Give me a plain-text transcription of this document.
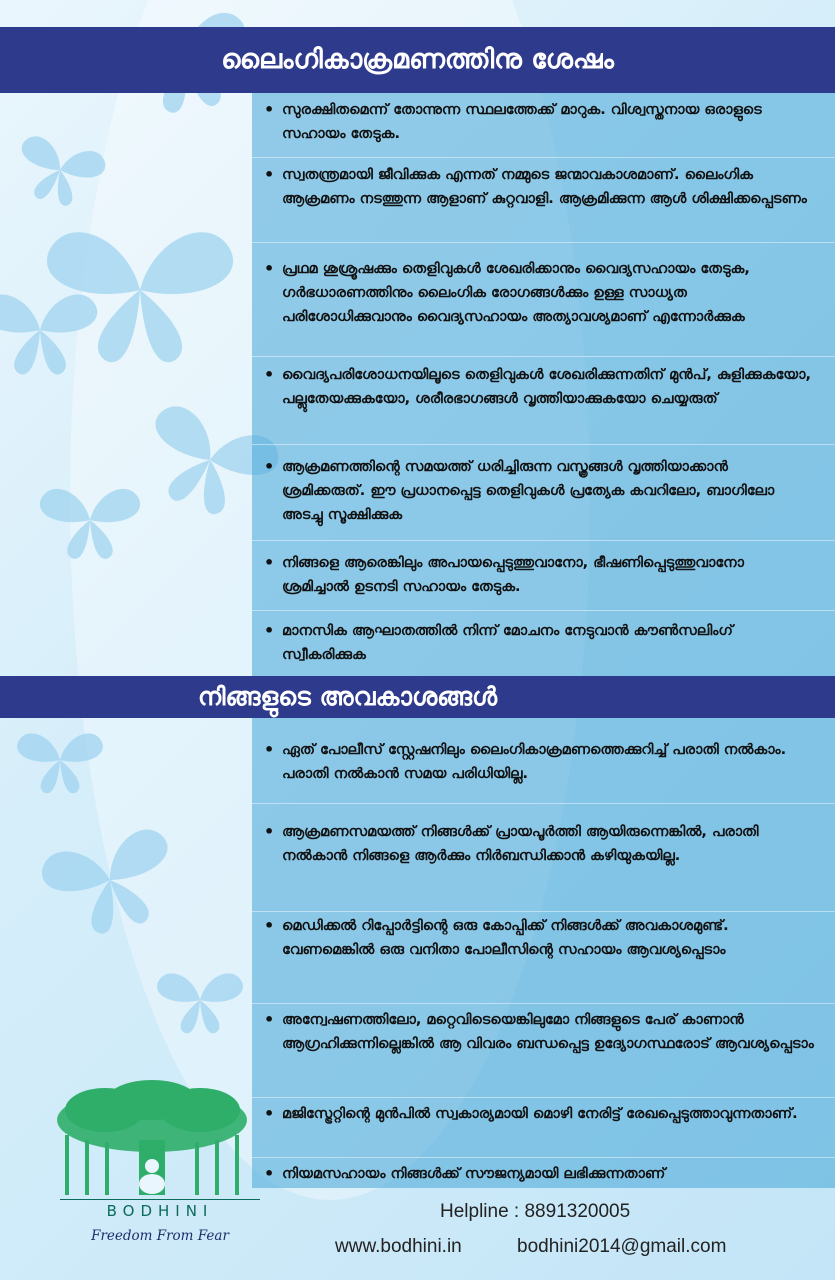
ലൈംഗികാക്രമണത്തിനു ശേഷം
• സുരക്ഷിതമെന്ന് തോന്നുന്ന സ്ഥലത്തേക്ക് മാറുക. വിശ്വസ്തനായ ഒരാളുടെ സഹായം തേടുക.
• സ്വതന്ത്രമായി ജീവിക്കുക എന്നത് നമ്മുടെ ജന്മാവകാശമാണ്. ലൈംഗിക ആക്രമണം നടത്തുന്ന ആളാണ് കുറ്റവാളി. ആക്രമിക്കുന്ന ആൾ ശിക്ഷിക്കപ്പെടണം
• പ്രഥമ ശുശ്രൂഷക്കും തെളിവുകൾ ശേഖരിക്കാനും വൈദ്യസഹായം തേടുക, ഗർഭധാരണത്തിനും ലൈംഗിക രോഗങ്ങൾക്കും ഉള്ള സാധ്യത പരിശോധിക്കുവാനും വൈദ്യസഹായം അത്യാവശ്യമാണ് എന്നോർക്കുക
• വൈദ്യപരിശോധനയിലൂടെ തെളിവുകൾ ശേഖരിക്കുന്നതിന് മുൻപ്, കുളിക്കുകയോ, പല്ലുതേയക്കുകയോ, ശരീരഭാഗങ്ങൾ വൃത്തിയാക്കുകയോ ചെയ്യരുത്
• ആക്രമണത്തിന്റെ സമയത്ത് ധരിച്ചിരുന്ന വസ്ത്രങ്ങൾ വൃത്തിയാക്കാൻ ശ്രമിക്കരുത്. ഈ പ്രധാനപ്പെട്ട തെളിവുകൾ പ്രത്യേക കവറിലോ, ബാഗിലോ അടച്ചു സൂക്ഷിക്കുക
• നിങ്ങളെ ആരെങ്കിലും അപായപ്പെടുത്തുവാനോ, ഭീഷണിപ്പെടുത്തുവാനോ ശ്രമിച്ചാൽ ഉടനടി സഹായം തേടുക.
• മാനസിക ആഘാതത്തിൽ നിന്ന് മോചനം നേടുവാൻ കൗൺസലിംഗ് സ്വീകരിക്കുക
നിങ്ങളുടെ അവകാശങ്ങൾ
• ഏത് പോലീസ് സ്റ്റേഷനിലും ലൈംഗികാക്രമണത്തെക്കുറിച്ച് പരാതി നൽകാം. പരാതി നൽകാൻ സമയ പരിധിയില്ല.
• ആക്രമണസമയത്ത് നിങ്ങൾക്ക് പ്രായപൂർത്തി ആയിരുന്നെങ്കിൽ, പരാതി നൽകാൻ നിങ്ങളെ ആർക്കും നിർബന്ധിക്കാൻ കഴിയുകയില്ല.
• മെഡിക്കൽ റിപ്പോർട്ടിന്റെ ഒരു കോപ്പിക്ക് നിങ്ങൾക്ക് അവകാശമുണ്ട്. വേണമെങ്കിൽ ഒരു വനിതാ പോലീസിന്റെ സഹായം ആവശ്യപ്പെടാം
• അന്വേഷണത്തിലോ, മറ്റെവിടെയെങ്കിലുമോ നിങ്ങളുടെ പേര് കാണാൻ ആഗ്രഹിക്കുന്നില്ലെങ്കിൽ ആ വിവരം ബന്ധപ്പെട്ട ഉദ്യോഗസ്ഥരോട് ആവശ്യപ്പെടാം
• മജിസ്ട്രേറ്റിന്റെ മുൻപിൽ സ്വകാര്യമായി മൊഴി നേരിട്ട് രേഖപ്പെടുത്താവുന്നതാണ്.
• നിയമസഹായം നിങ്ങൾക്ക് സൗജന്യമായി ലഭിക്കുന്നതാണ്
BODHINI
Freedom From Fear
Helpline : 8891320005
www.bodhini.in	bodhini2014@gmail.com
